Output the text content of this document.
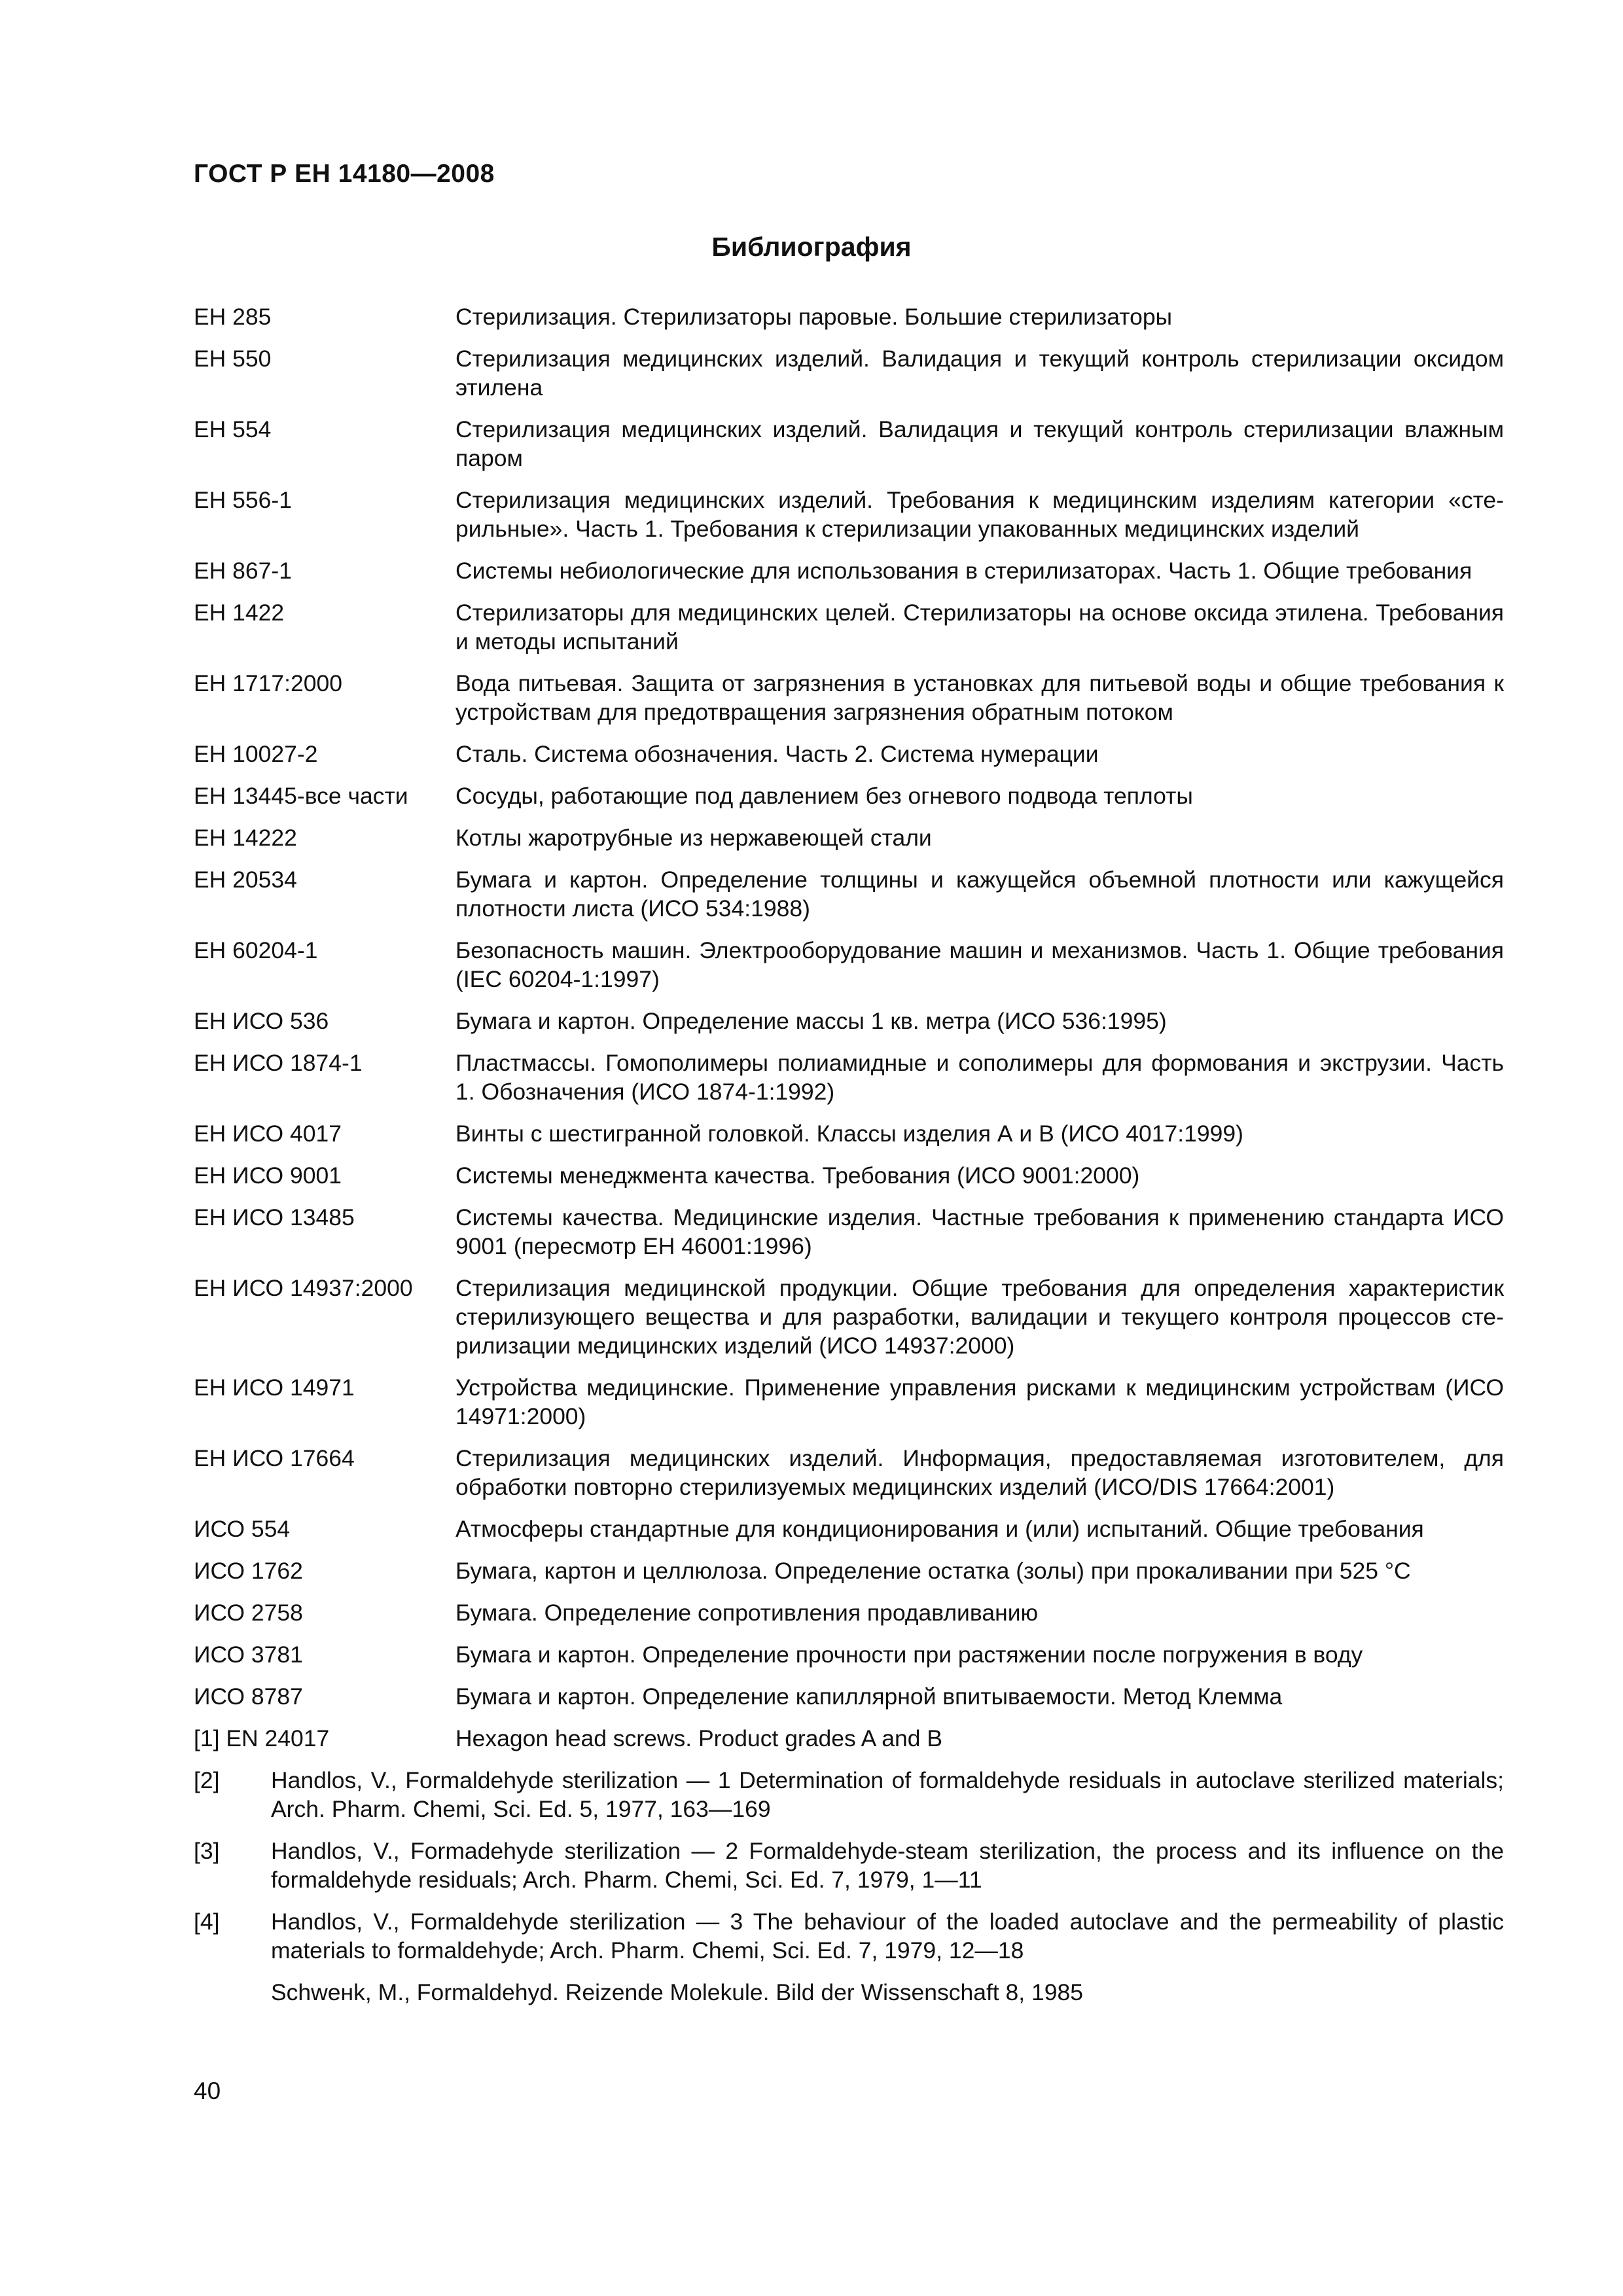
ГОСТ Р ЕН 14180—2008
Библиография
ЕН 285	Стерилизация. Стерилизаторы паровые. Большие стерилизаторы
ЕН 550	Стерилизация медицинских изделий. Валидация и текущий контроль стерилизации оксидом этилена
ЕН 554	Стерилизация медицинских изделий. Валидация и текущий контроль стерилизации влажным паром
ЕН 556-1	Стерилизация медицинских изделий. Требования к медицинским изделиям категории «стерильные». Часть 1. Требования к стерилизации упакованных медицинских изделий
ЕН 867-1	Системы небиологические для использования в стерилизаторах. Часть 1. Общие требования
ЕН 1422	Стерилизаторы для медицинских целей. Стерилизаторы на основе оксида этилена. Требования и методы испытаний
ЕН 1717:2000	Вода питьевая. Защита от загрязнения в установках для питьевой воды и общие требования к устройствам для предотвращения загрязнения обратным потоком
ЕН 10027-2	Сталь. Система обозначения. Часть 2. Система нумерации
ЕН 13445-все части	Сосуды, работающие под давлением без огневого подвода теплоты
ЕН 14222	Котлы жаротрубные из нержавеющей стали
ЕН 20534	Бумага и картон. Определение толщины и кажущейся объемной плотности или кажущейся плотности листа (ИСО 534:1988)
ЕН 60204-1	Безопасность машин. Электрооборудование машин и механизмов. Часть 1. Общие требования (IEC 60204-1:1997)
ЕН ИСО 536	Бумага и картон. Определение массы 1 кв. метра (ИСО 536:1995)
ЕН ИСО 1874-1	Пластмассы. Гомополимеры полиамидные и сополимеры для формования и экструзии. Часть 1. Обозначения (ИСО 1874-1:1992)
ЕН ИСО 4017	Винты с шестигранной головкой. Классы изделия А и В (ИСО 4017:1999)
ЕН ИСО 9001	Системы менеджмента качества. Требования (ИСО 9001:2000)
ЕН ИСО 13485	Системы качества. Медицинские изделия. Частные требования к применению стандарта ИСО 9001 (пересмотр ЕН 46001:1996)
ЕН ИСО 14937:2000	Стерилизация медицинской продукции. Общие требования для определения характеристик стерилизующего вещества и для разработки, валидации и текущего контроля процессов стерилизации медицинских изделий (ИСО 14937:2000)
ЕН ИСО 14971	Устройства медицинские. Применение управления рисками к медицинским устройствам (ИСО 14971:2000)
ЕН ИСО 17664	Стерилизация медицинских изделий. Информация, предоставляемая изготовителем, для обработки повторно стерилизуемых медицинских изделий (ИСО/DIS 17664:2001)
ИСО 554	Атмосферы стандартные для кондиционирования и (или) испытаний. Общие требования
ИСО 1762	Бумага, картон и целлюлоза. Определение остатка (золы) при прокаливании при 525 °С
ИСО 2758	Бумага. Определение сопротивления продавливанию
ИСО 3781	Бумага и картон. Определение прочности при растяжении после погружения в воду
ИСО 8787	Бумага и картон. Определение капиллярной впитываемости. Метод Клемма
[1] EN 24017	Hexagon head screws. Product grades A and B
[2]	Handlos, V., Formaldehyde sterilization — 1 Determination of formaldehyde residuals in autoclave sterilized materials; Arch. Pharm. Chemi, Sci. Ed. 5, 1977, 163—169
[3]	Handlos, V., Formadehyde sterilization — 2 Formaldehyde-steam sterilization, the process and its influence on the formaldehyde residuals; Arch. Pharm. Chemi, Sci. Ed. 7, 1979, 1—11
[4]	Handlos, V., Formaldehyde sterilization — 3 The behaviour of the loaded autoclave and the permeability of plastic materials to formaldehyde; Arch. Pharm. Chemi, Sci. Ed. 7, 1979, 12—18
Schweнk, M., Formaldehyd. Reizende Molekule. Bild der Wissenschaft 8, 1985
40
